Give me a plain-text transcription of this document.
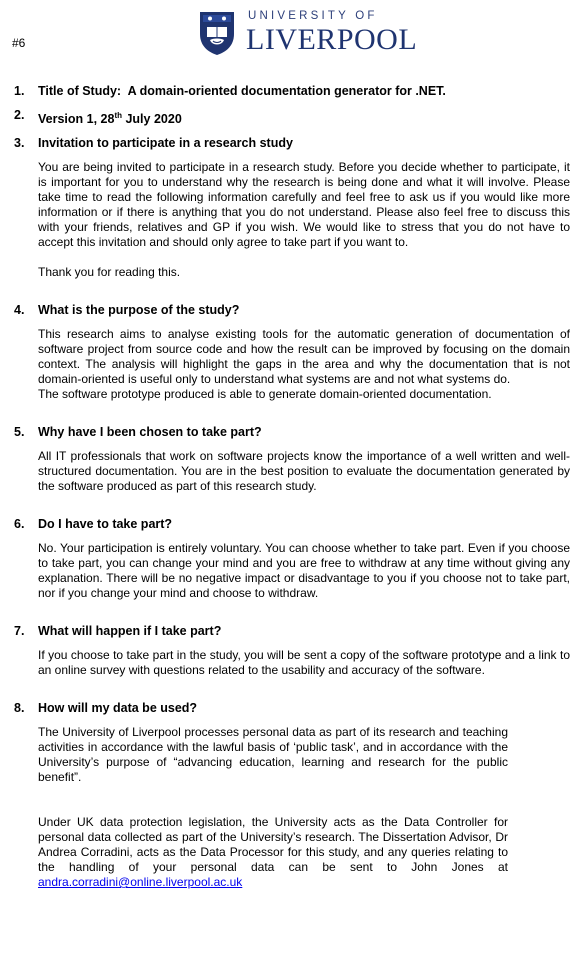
#6
UNIVERSITY OF
LIVERPOOL
1.	Title of Study: A domain-oriented documentation generator for .NET.
2.	Version 1, 28th July 2020
3.	Invitation to participate in a research study
You are being invited to participate in a research study. Before you decide whether to participate, it is important for you to understand why the research is being done and what it will involve. Please take time to read the following information carefully and feel free to ask us if you would like more information or if there is anything that you do not understand. Please also feel free to discuss this with your friends, relatives and GP if you wish. We would like to stress that you do not have to accept this invitation and should only agree to take part if you want to.
Thank you for reading this.
4.	What is the purpose of the study?
This research aims to analyse existing tools for the automatic generation of documentation of software project from source code and how the result can be improved by focusing on the domain context. The analysis will highlight the gaps in the area and why the documentation that is not domain-oriented is useful only to understand what systems are and not what systems do.
The software prototype produced is able to generate domain-oriented documentation.
5.	Why have I been chosen to take part?
All IT professionals that work on software projects know the importance of a well written and well-structured documentation. You are in the best position to evaluate the documentation generated by the software produced as part of this research study.
6.	Do I have to take part?
No. Your participation is entirely voluntary. You can choose whether to take part. Even if you choose to take part, you can change your mind and you are free to withdraw at any time without giving any explanation. There will be no negative impact or disadvantage to you if you choose not to take part, nor if you change your mind and choose to withdraw.
7.	What will happen if I take part?
If you choose to take part in the study, you will be sent a copy of the software prototype and a link to an online survey with questions related to the usability and accuracy of the software.
8.	How will my data be used?
The University of Liverpool processes personal data as part of its research and teaching activities in accordance with the lawful basis of ‘public task’, and in accordance with the University’s purpose of “advancing education, learning and research for the public benefit”.
Under UK data protection legislation, the University acts as the Data Controller for personal data collected as part of the University’s research. The Dissertation Advisor, Dr Andrea Corradini, acts as the Data Processor for this study, and any queries relating to the handling of your personal data can be sent to John Jones at andra.corradini@online.liverpool.ac.uk
